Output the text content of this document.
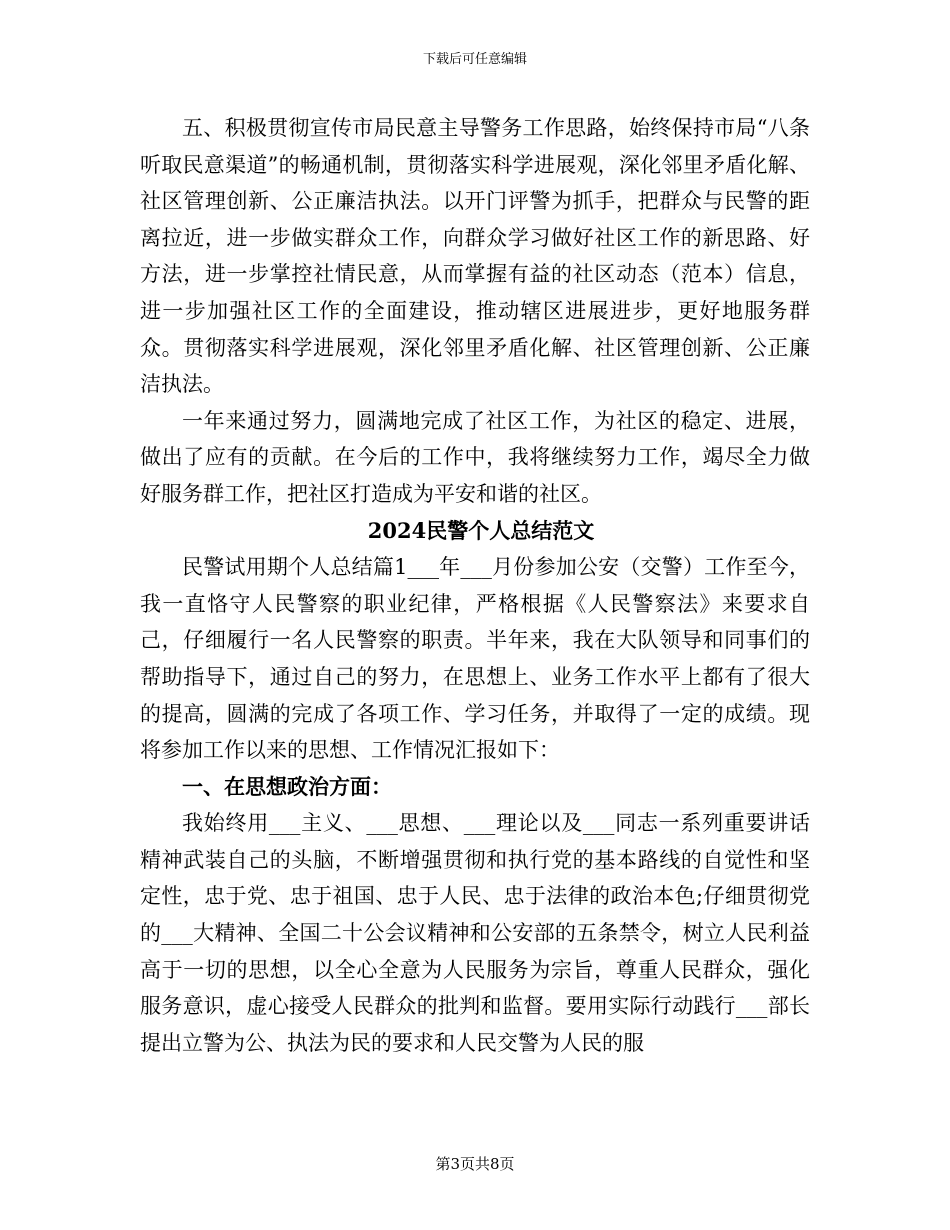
下载后可任意编辑

五、积极贯彻宣传市局民意主导警务工作思路，始终保持市局“八条听取民意渠道”的畅通机制，贯彻落实科学进展观，深化邻里矛盾化解、社区管理创新、公正廉洁执法。以开门评警为抓手，把群众与民警的距离拉近，进一步做实群众工作，向群众学习做好社区工作的新思路、好方法，进一步掌控社情民意，从而掌握有益的社区动态（范本）信息，进一步加强社区工作的全面建设，推动辖区进展进步，更好地服务群众。贯彻落实科学进展观，深化邻里矛盾化解、社区管理创新、公正廉洁执法。

一年来通过努力，圆满地完成了社区工作，为社区的稳定、进展，做出了应有的贡献。在今后的工作中，我将继续努力工作，竭尽全力做好服务群工作，把社区打造成为平安和谐的社区。

2024民警个人总结范文

民警试用期个人总结篇1___年___月份参加公安（交警）工作至今，我一直恪守人民警察的职业纪律，严格根据《人民警察法》来要求自己，仔细履行一名人民警察的职责。半年来，我在大队领导和同事们的帮助指导下，通过自己的努力，在思想上、业务工作水平上都有了很大的提高，圆满的完成了各项工作、学习任务，并取得了一定的成绩。现将参加工作以来的思想、工作情况汇报如下：

一、在思想政治方面：

我始终用___主义、___思想、___理论以及___同志一系列重要讲话精神武装自己的头脑，不断增强贯彻和执行党的基本路线的自觉性和坚定性，忠于党、忠于祖国、忠于人民、忠于法律的政治本色;仔细贯彻党的___大精神、全国二十公会议精神和公安部的五条禁令，树立人民利益高于一切的思想，以全心全意为人民服务为宗旨，尊重人民群众，强化服务意识，虚心接受人民群众的批判和监督。要用实际行动践行___部长提出立警为公、执法为民的要求和人民交警为人民的服

第3页共8页
